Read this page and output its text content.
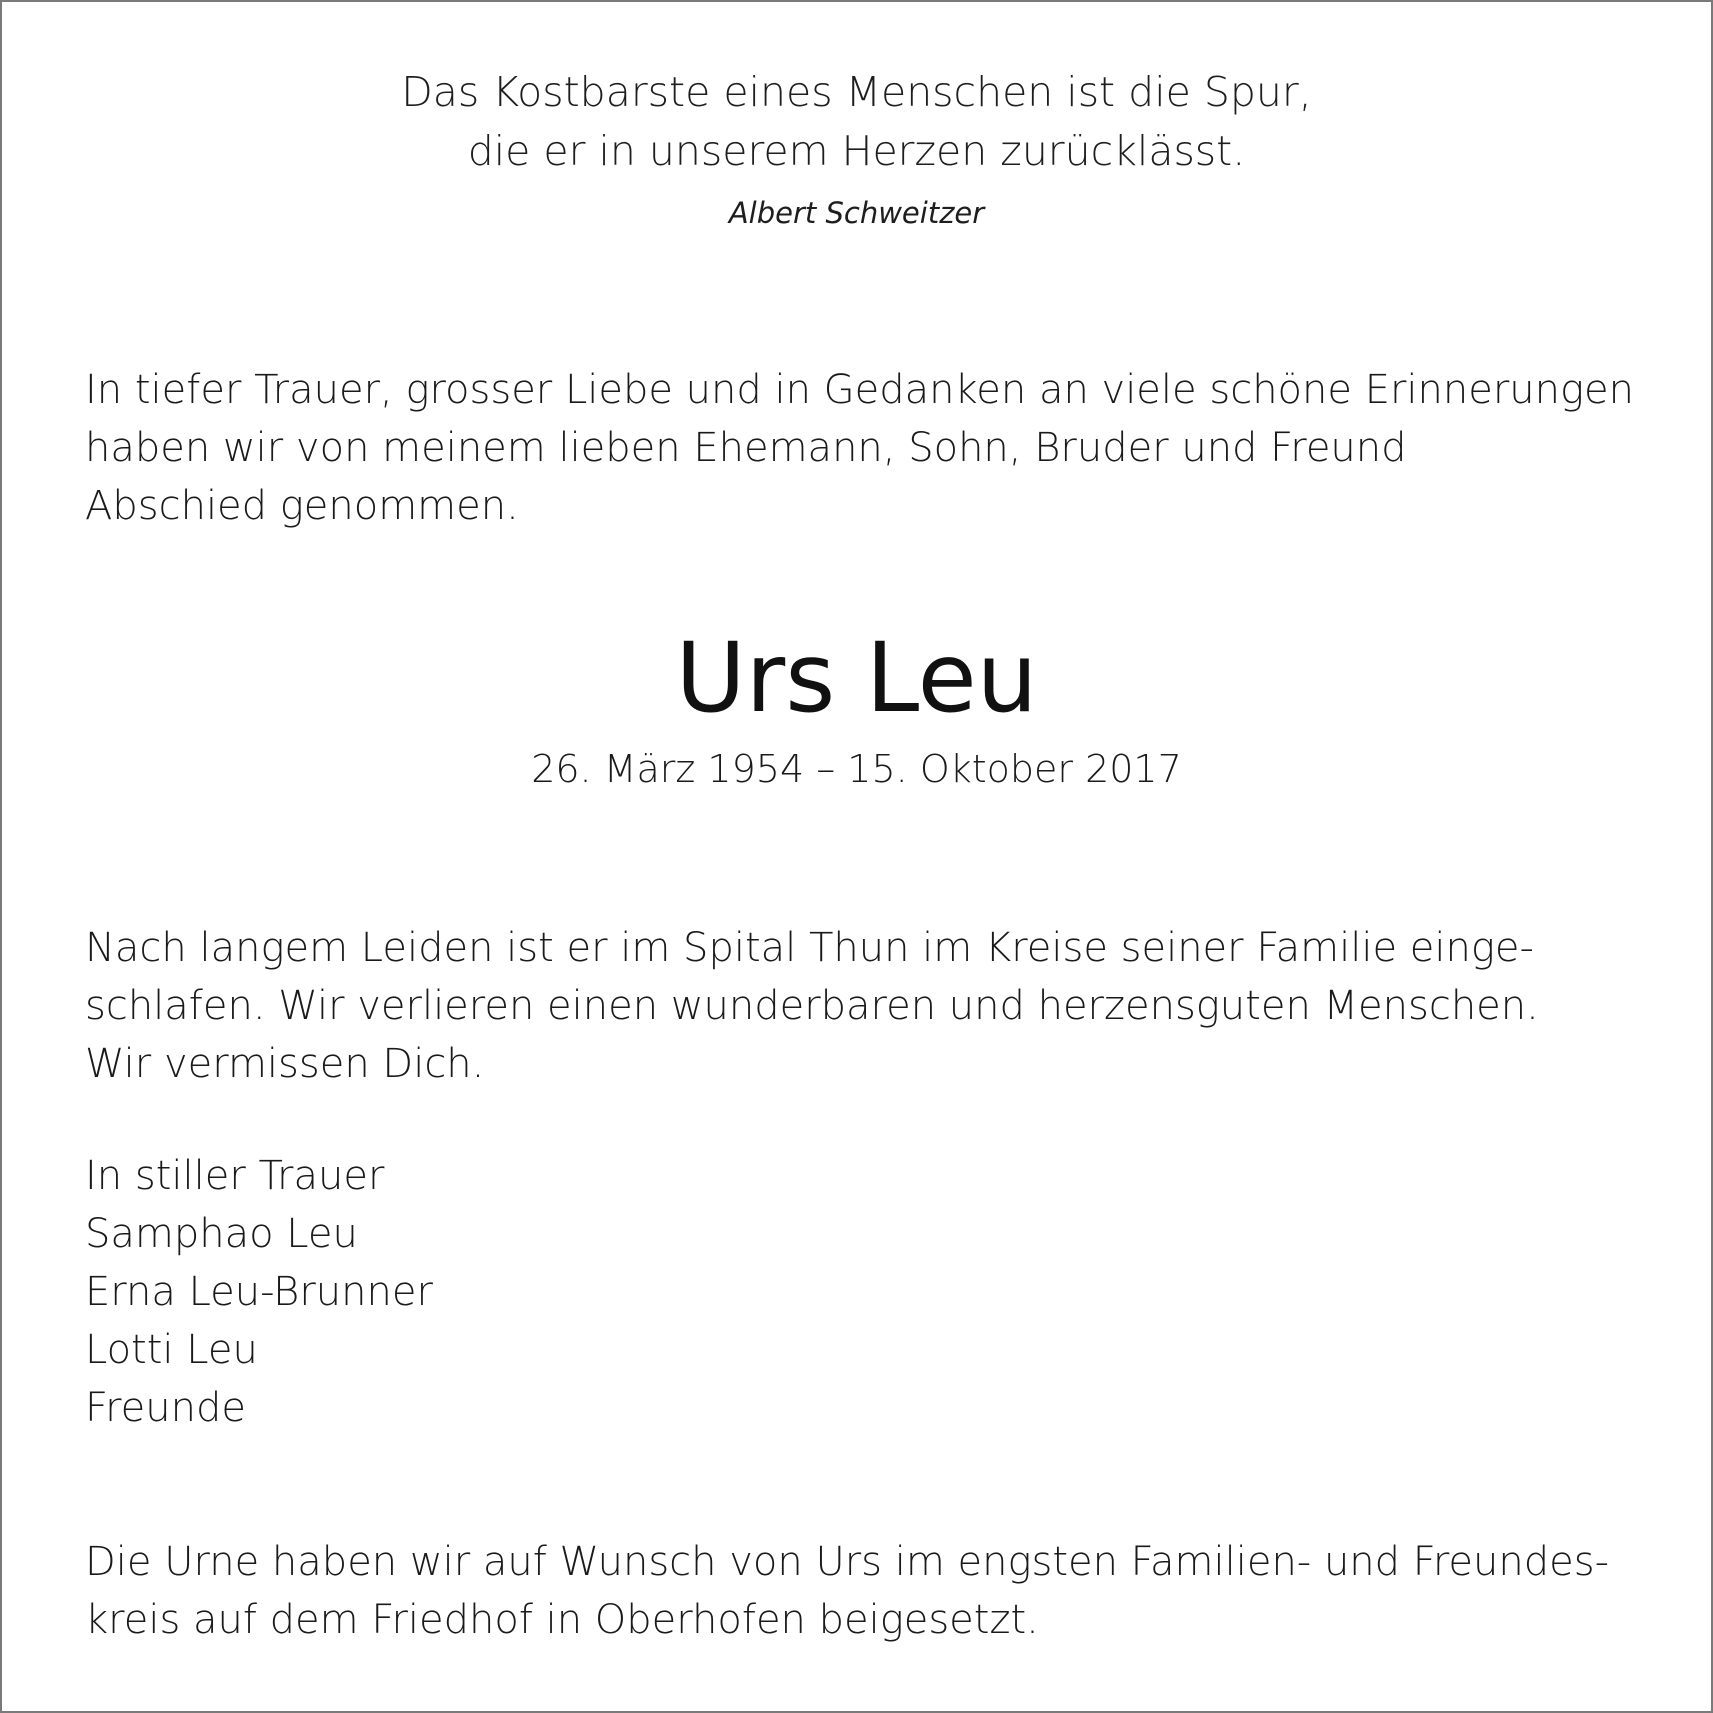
Das Kostbarste eines Menschen ist die Spur,

die er in unserem Herzen zurücklässt.

Albert Schweitzer

In tiefer Trauer, grosser Liebe und in Gedanken an viele schöne Erinnerungen

haben wir von meinem lieben Ehemann, Sohn, Bruder und Freund

Abschied genommen.

Urs Leu

26. März 1954 – 15. Oktober 2017

Nach langem Leiden ist er im Spital Thun im Kreise seiner Familie einge-

schlafen. Wir verlieren einen wunderbaren und herzensguten Menschen.

Wir vermissen Dich.

In stiller Trauer

Samphao Leu

Erna Leu-Brunner

Lotti Leu

Freunde

Die Urne haben wir auf Wunsch von Urs im engsten Familien- und Freundes-

kreis auf dem Friedhof in Oberhofen beigesetzt.
